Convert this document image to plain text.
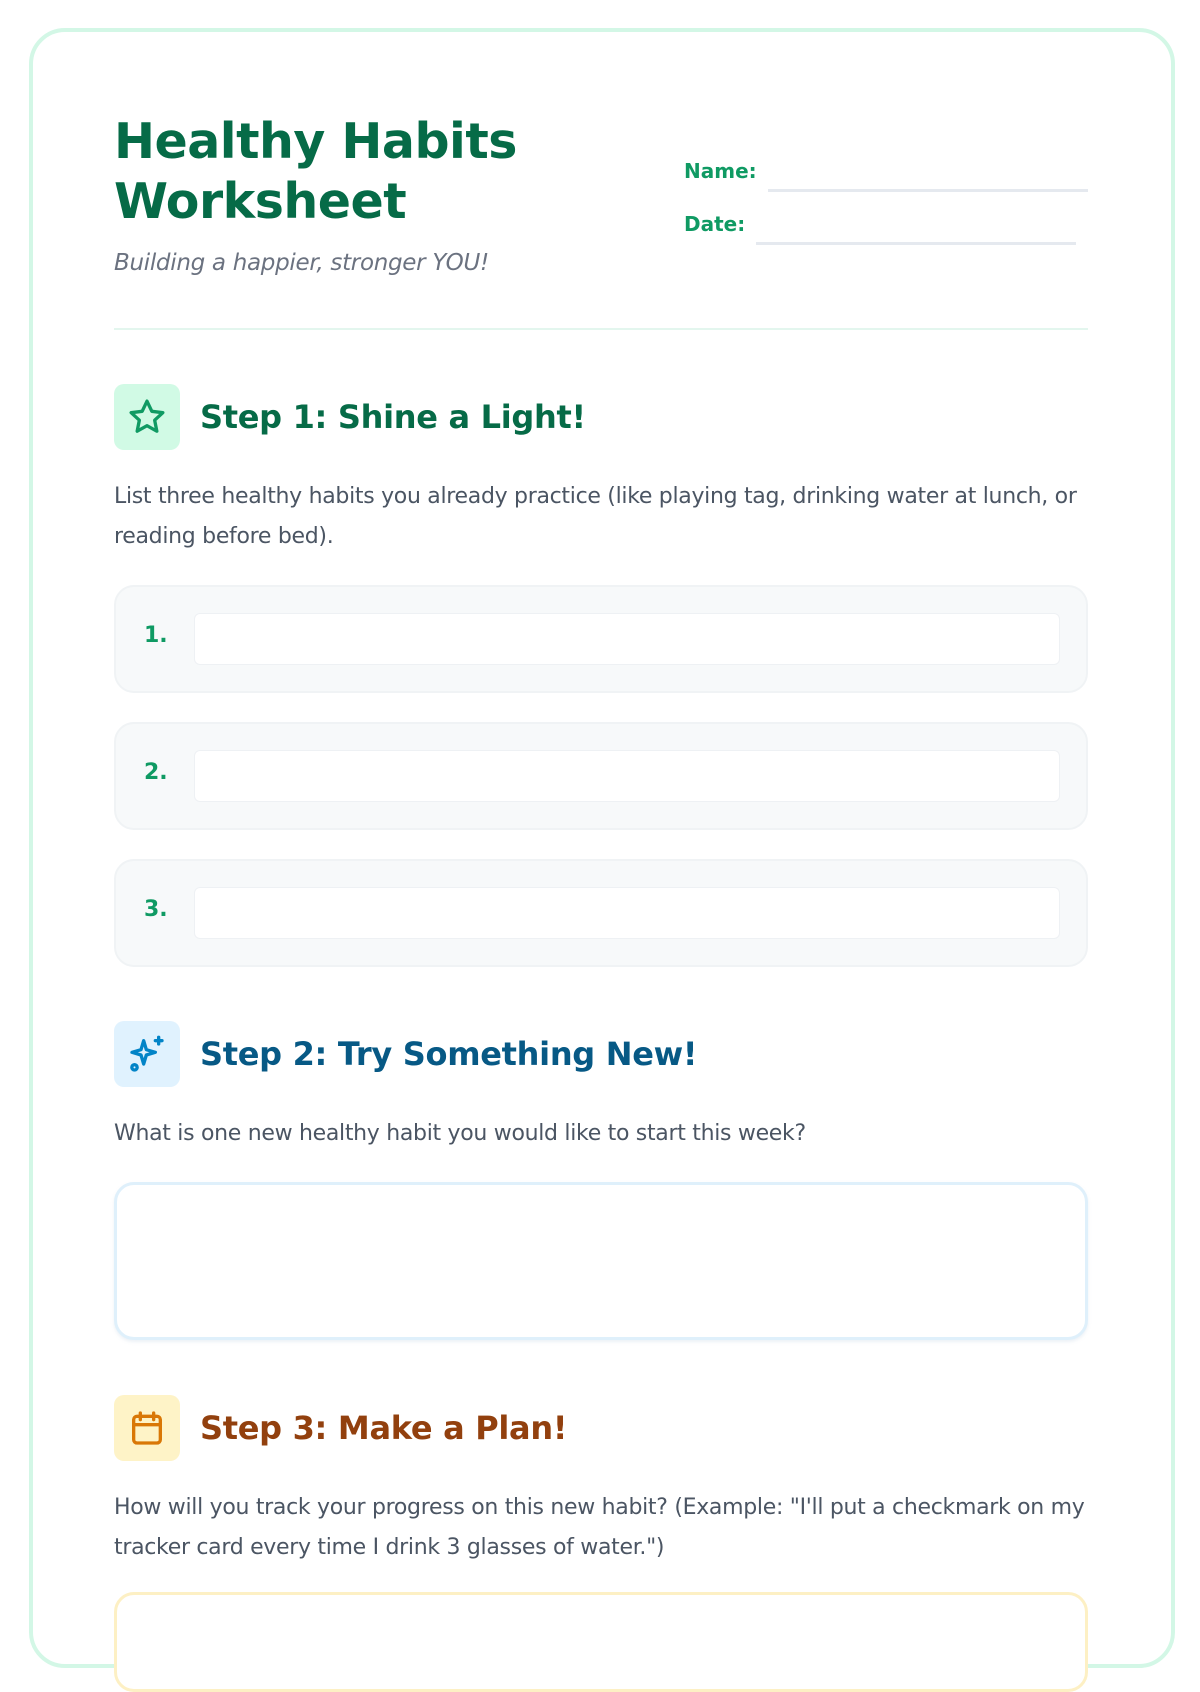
Healthy Habits Worksheet
Building a happier, stronger YOU!
Name:
Date:
Step 1: Shine a Light!

List three healthy habits you already practice (like playing tag, drinking water at lunch, or reading before bed).

1.
2.
3.
Step 2: Try Something New!

What is one new healthy habit you would like to start this week?

Step 3: Make a Plan!

How will you track your progress on this new habit? (Example: "I'll put a checkmark on my tracker card every time I drink 3 glasses of water.")
